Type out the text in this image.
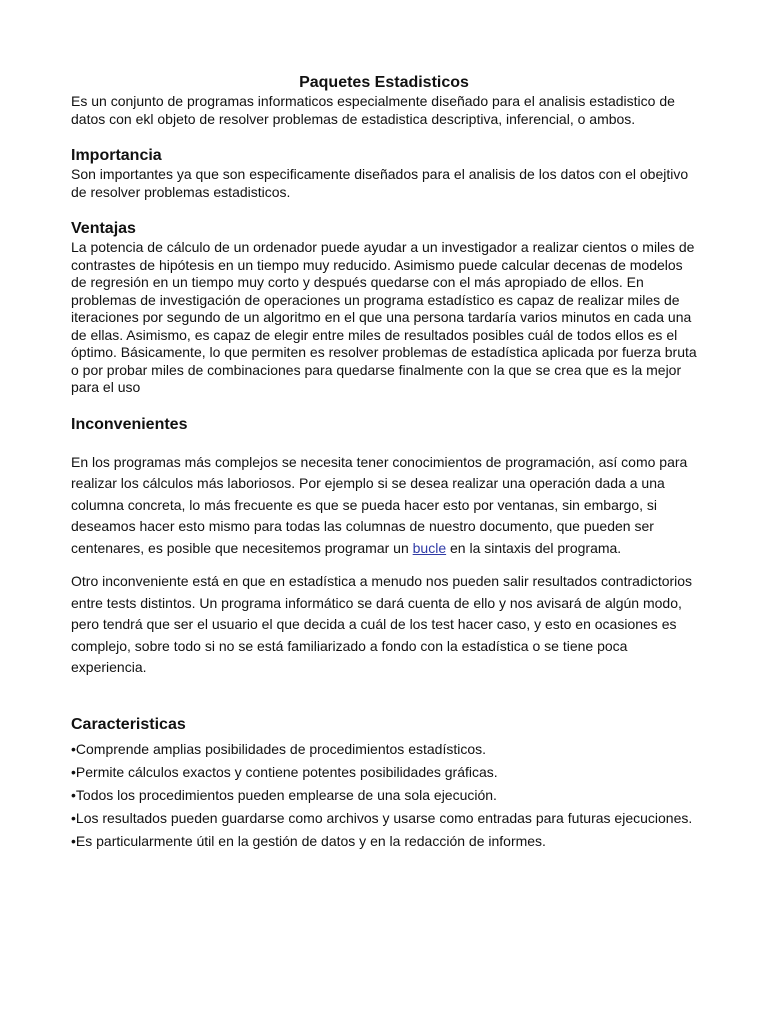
Paquetes Estadisticos

Es un conjunto de programas informaticos especialmente diseñado para el analisis estadistico de datos con ekl objeto de resolver problemas de estadistica descriptiva, inferencial, o ambos.

Importancia

Son importantes ya que son especificamente diseñados para el analisis de los datos con el obejtivo de resolver problemas estadisticos.

Ventajas

La potencia de cálculo de un ordenador puede ayudar a un investigador a realizar cientos o miles de contrastes de hipótesis en un tiempo muy reducido. Asimismo puede calcular decenas de modelos de regresión en un tiempo muy corto y después quedarse con el más apropiado de ellos. En problemas de investigación de operaciones un programa estadístico es capaz de realizar miles de iteraciones por segundo de un algoritmo en el que una persona tardaría varios minutos en cada una de ellas. Asimismo, es capaz de elegir entre miles de resultados posibles cuál de todos ellos es el óptimo. Básicamente, lo que permiten es resolver problemas de estadística aplicada por fuerza bruta o por probar miles de combinaciones para quedarse finalmente con la que se crea que es la mejor para el uso

Inconvenientes

En los programas más complejos se necesita tener conocimientos de programación, así como para realizar los cálculos más laboriosos. Por ejemplo si se desea realizar una operación dada a una columna concreta, lo más frecuente es que se pueda hacer esto por ventanas, sin embargo, si deseamos hacer esto mismo para todas las columnas de nuestro documento, que pueden ser centenares, es posible que necesitemos programar un bucle en la sintaxis del programa.

Otro inconveniente está en que en estadística a menudo nos pueden salir resultados contradictorios entre tests distintos. Un programa informático se dará cuenta de ello y nos avisará de algún modo, pero tendrá que ser el usuario el que decida a cuál de los test hacer caso, y esto en ocasiones es complejo, sobre todo si no se está familiarizado a fondo con la estadística o se tiene poca experiencia.

Caracteristicas

•Comprende amplias posibilidades de procedimientos estadísticos.

•Permite cálculos exactos y contiene potentes posibilidades gráficas.

•Todos los procedimientos pueden emplearse de una sola ejecución.

•Los resultados pueden guardarse como archivos y usarse como entradas para futuras ejecuciones.

•Es particularmente útil en la gestión de datos y en la redacción de informes.
